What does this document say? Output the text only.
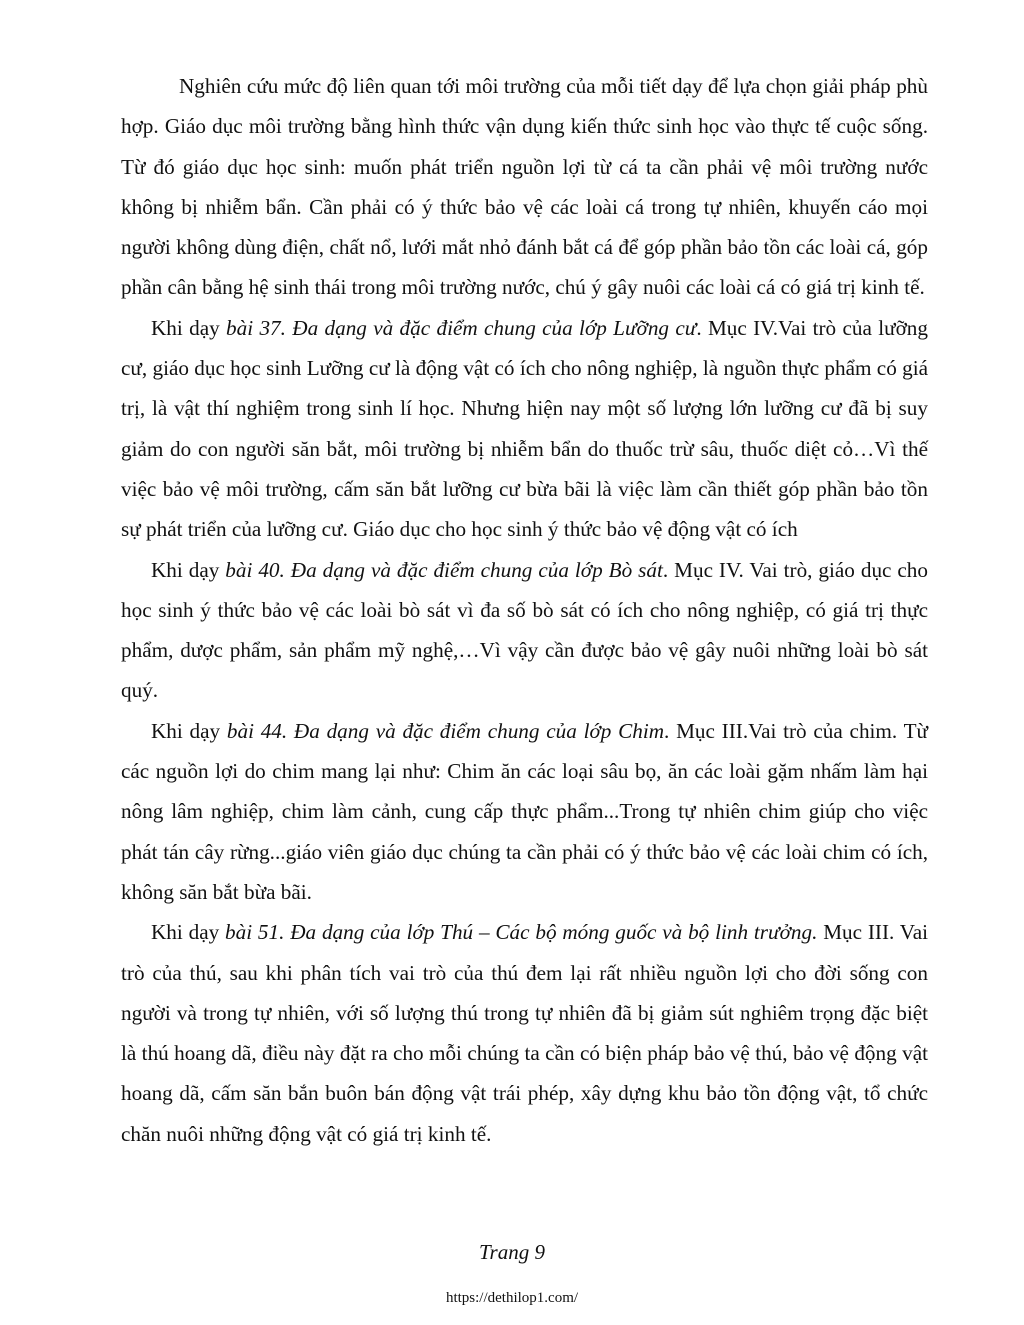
Nghiên cứu mức độ liên quan tới môi trường của mỗi tiết dạy để lựa chọn giải pháp phù hợp. Giáo dục môi trường bằng hình thức vận dụng kiến thức sinh học vào thực tế cuộc sống. Từ đó giáo dục học sinh: muốn phát triển nguồn lợi từ cá ta cần phải vệ môi trường nước không bị nhiễm bẩn. Cần phải có ý thức bảo vệ các loài cá trong tự nhiên, khuyến cáo mọi người không dùng điện, chất nổ, lưới mắt nhỏ đánh bắt cá để góp phần bảo tồn các loài cá, góp phần cân bằng hệ sinh thái trong môi trường nước, chú ý gây nuôi các loài cá có giá trị kinh tế.

Khi dạy bài 37. Đa dạng và đặc điểm chung của lớp Lưỡng cư. Mục IV.Vai trò của lưỡng cư, giáo dục học sinh Lưỡng cư là động vật có ích cho nông nghiệp, là nguồn thực phẩm có giá trị, là vật thí nghiệm trong sinh lí học. Nhưng hiện nay một số lượng lớn lưỡng cư đã bị suy giảm do con người săn bắt, môi trường bị nhiễm bẩn do thuốc trừ sâu, thuốc diệt cỏ…Vì thế việc bảo vệ môi trường, cấm săn bắt lưỡng cư bừa bãi là việc làm cần thiết góp phần bảo tồn sự phát triển của lưỡng cư. Giáo dục cho học sinh ý thức bảo vệ động vật có ích

Khi dạy bài 40. Đa dạng và đặc điểm chung của lớp Bò sát. Mục IV. Vai trò, giáo dục cho học sinh ý thức bảo vệ các loài bò sát vì đa số bò sát có ích cho nông nghiệp, có giá trị thực phẩm, dược phẩm, sản phẩm mỹ nghệ,…Vì vậy cần được bảo vệ gây nuôi những loài bò sát quý.

Khi dạy bài 44. Đa dạng và đặc điểm chung của lớp Chim. Mục III.Vai trò của chim. Từ các nguồn lợi do chim mang lại như: Chim ăn các loại sâu bọ, ăn các loài gặm nhấm làm hại nông lâm nghiệp, chim làm cảnh, cung cấp thực phẩm...Trong tự nhiên chim giúp cho việc phát tán cây rừng...giáo viên giáo dục chúng ta cần phải có ý thức bảo vệ các loài chim có ích, không săn bắt bừa bãi.

Khi dạy bài 51. Đa dạng của lớp Thú – Các bộ móng guốc và bộ linh trưởng. Mục III. Vai trò của thú, sau khi phân tích vai trò của thú đem lại rất nhiều nguồn lợi cho đời sống con người và trong tự nhiên, với số lượng thú trong tự nhiên đã bị giảm sút nghiêm trọng đặc biệt là thú hoang dã, điều này đặt ra cho mỗi chúng ta cần có biện pháp bảo vệ thú, bảo vệ động vật hoang dã, cấm săn bắn buôn bán động vật trái phép, xây dựng khu bảo tồn động vật, tổ chức chăn nuôi những động vật có giá trị kinh tế.

Trang 9
https://dethilop1.com/
